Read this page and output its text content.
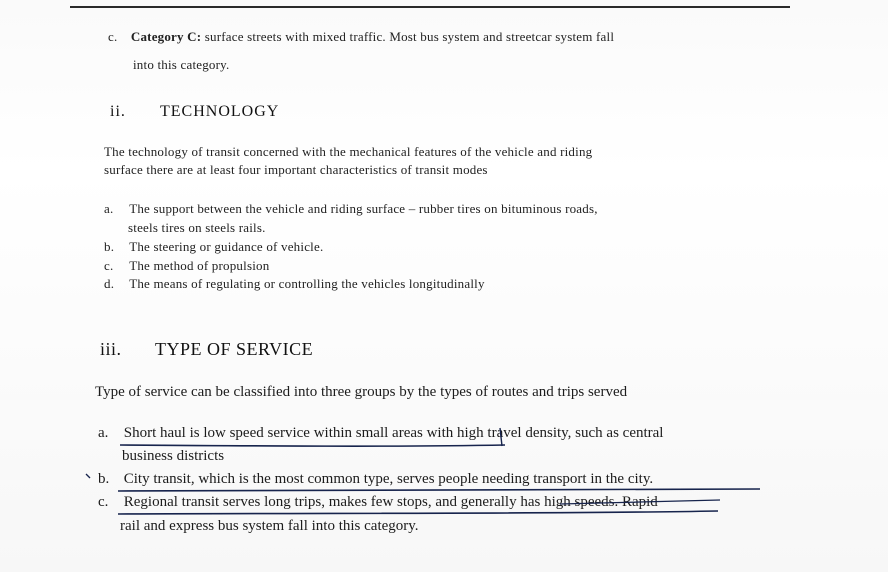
c. Category C: surface streets with mixed traffic. Most bus system and streetcar system fall

into this category.

ii. TECHNOLOGY

The technology of transit concerned with the mechanical features of the vehicle and riding

surface there are at least four important characteristics of transit modes

a. The support between the vehicle and riding surface – rubber tires on bituminous roads,

steels tires on steels rails.

b. The steering or guidance of vehicle.

c. The method of propulsion

d. The means of regulating or controlling the vehicles longitudinally

iii. TYPE OF SERVICE

Type of service can be classified into three groups by the types of routes and trips served

a. Short haul is low speed service within small areas with high travel density, such as central

business districts

b. City transit, which is the most common type, serves people needing transport in the city.

c. Regional transit serves long trips, makes few stops, and generally has high speeds. Rapid

rail and express bus system fall into this category.
